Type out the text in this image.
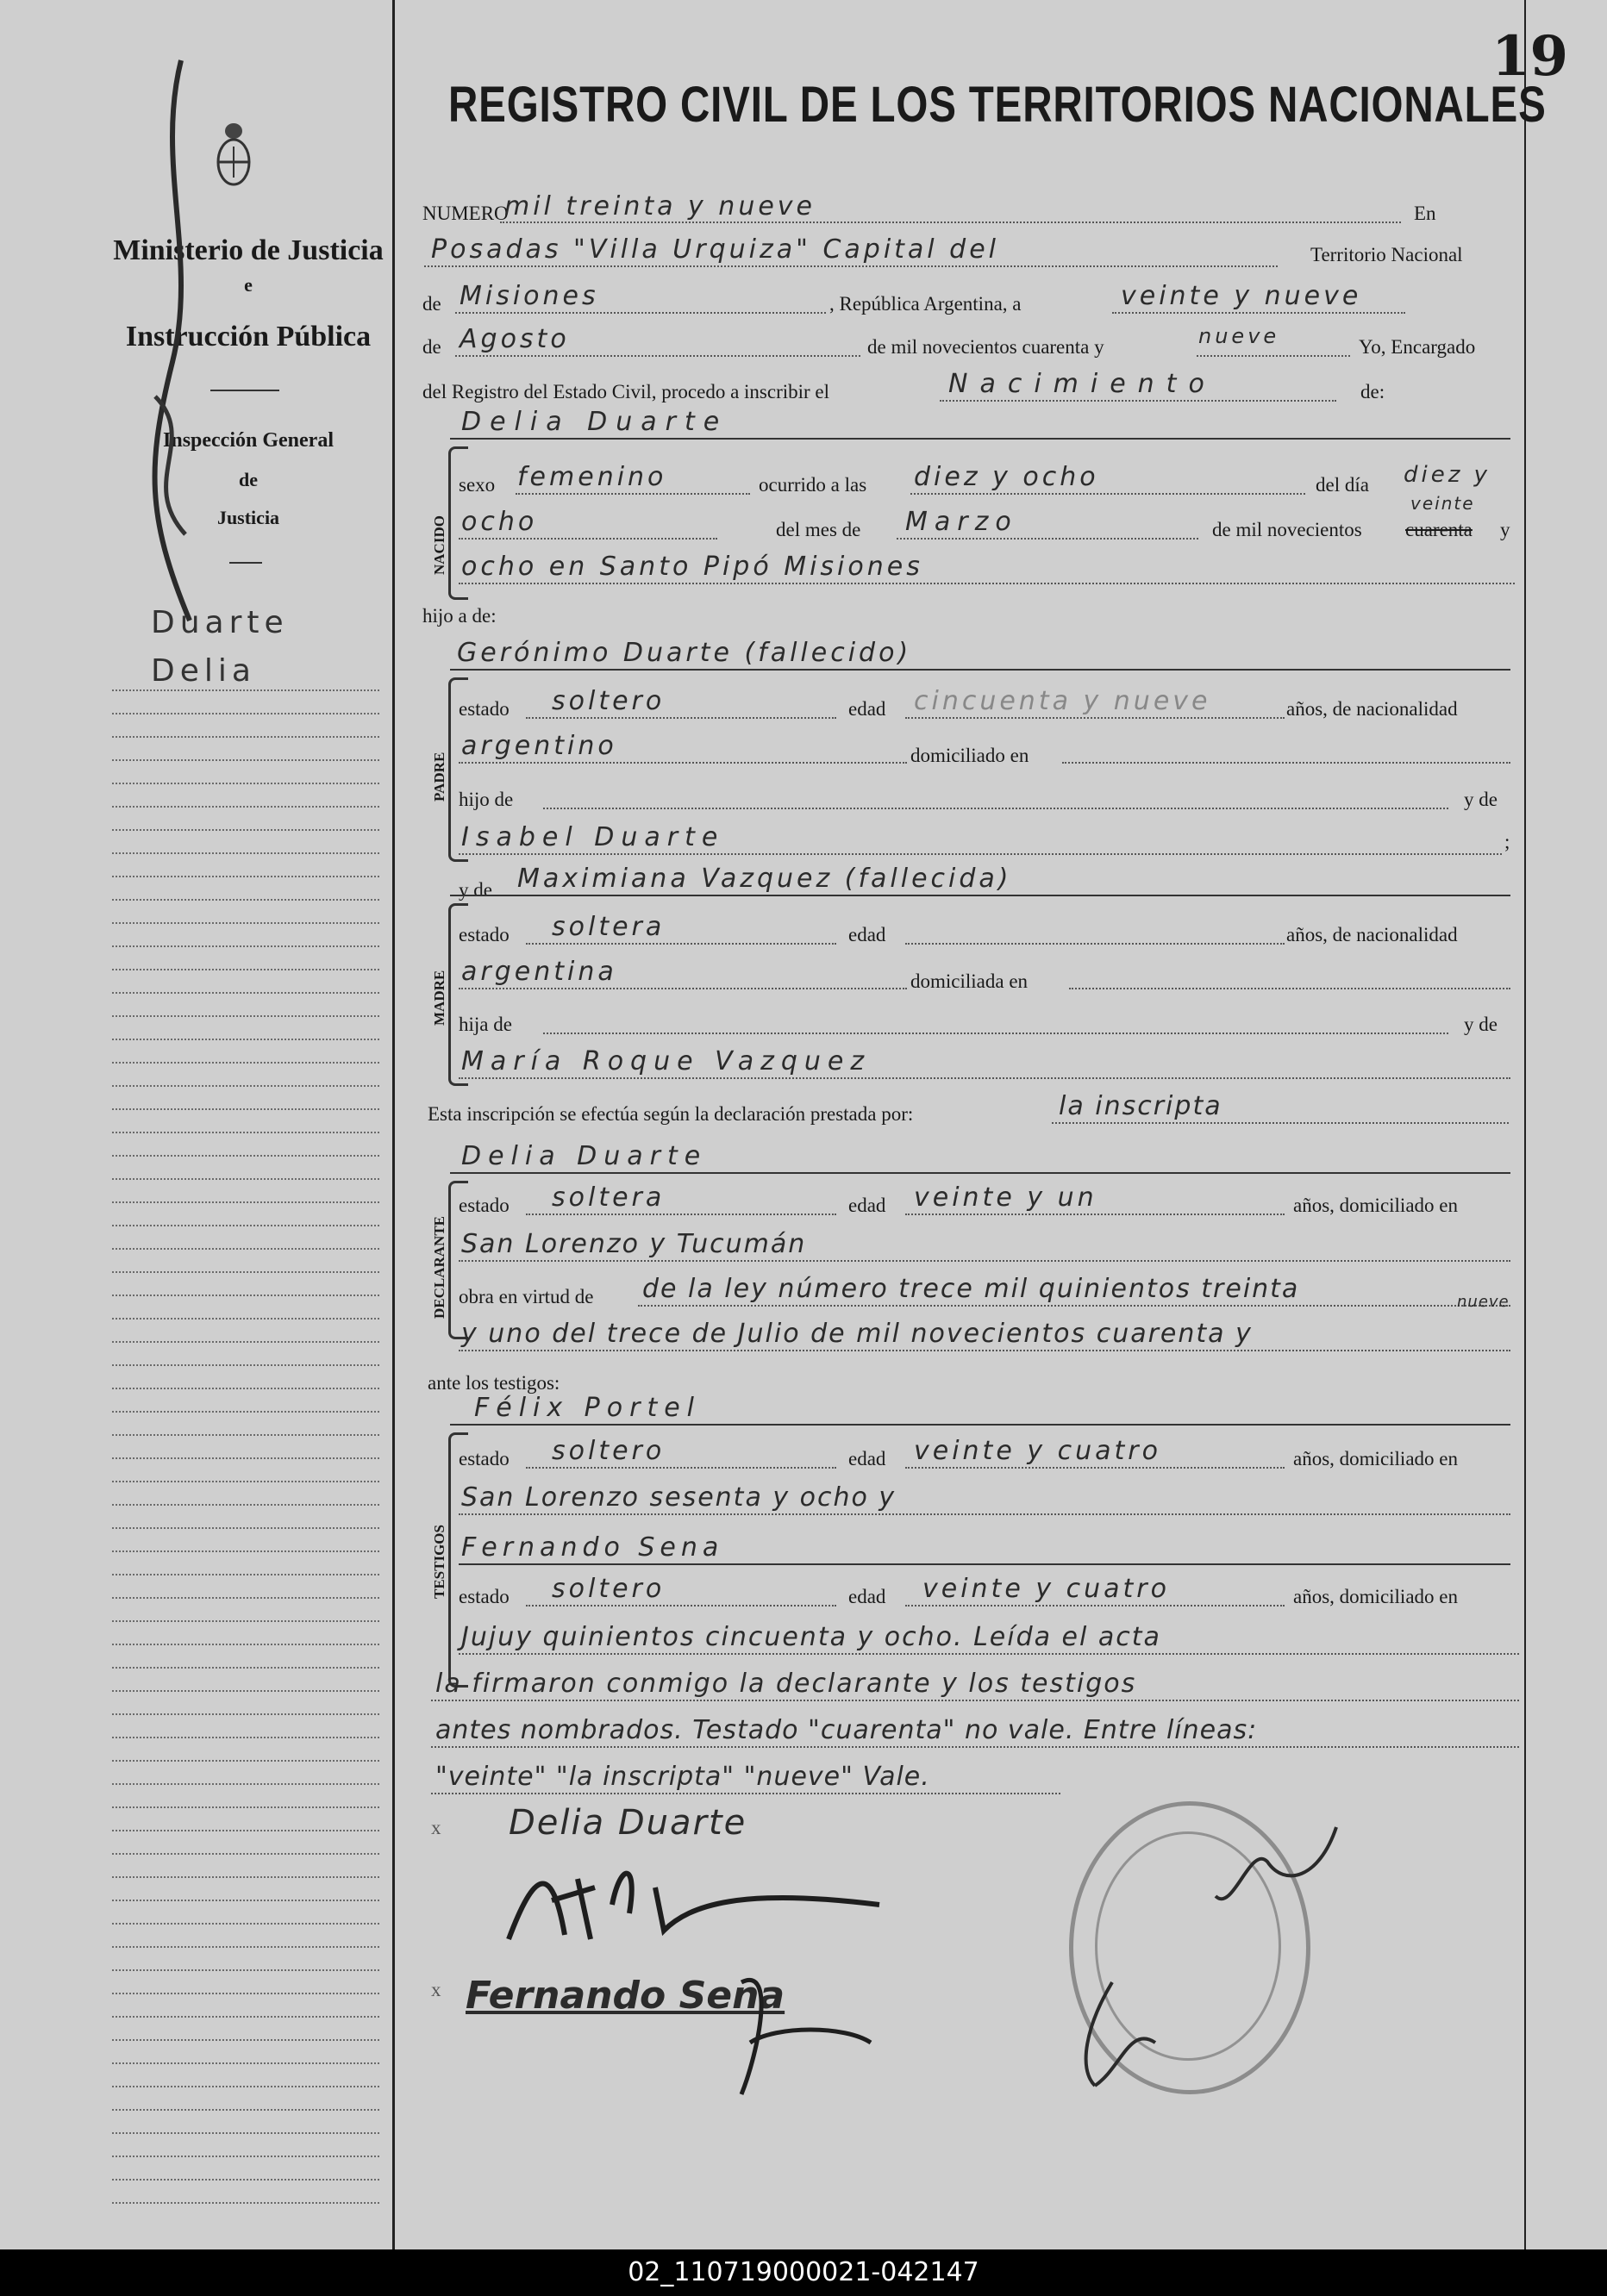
Ministerio de Justicia
e
Instrucción Pública
Inspección General
de
Justicia
Duarte
Delia
19
REGISTRO CIVIL DE LOS TERRITORIOS NACIONALES
NUMERO
mil treinta y nueve	En
Posadas "Villa Urquiza" Capital del	Territorio Nacional
de Misiones	, República Argentina, a	veinte y nueve
de Agosto	de mil novecientos cuarenta y	nueve	Yo, Encargado
del Registro del Estado Civil, procedo a inscribir el	Nacimiento	de:
Delia Duarte
NACIDO
sexo femenino	ocurrido a las diez y ocho	del día diez y
ocho	del mes de Marzo	de mil novecientos cuarenta
veinte
y
ocho en Santo Pipó Misiones
hijo a de:
Gerónimo Duarte (fallecido)
PADRE
estado soltero	edad cincuenta y nueve	años, de nacionalidad
argentino	domiciliado en
hijo de	y de
Isabel Duarte	;
y de Maximiana Vazquez (fallecida)
MADRE
estado soltera	edad	años, de nacionalidad
argentina	domiciliada en
hija de	y de
María Roque Vazquez
Esta inscripción se efectúa según la declaración prestada por:	la inscripta
Delia Duarte
DECLARANTE
estado soltera	edad veinte y un	años, domiciliado en
San Lorenzo y Tucumán
obra en virtud de de la ley número trece mil quinientos treinta	nueve
y uno del trece de Julio de mil novecientos cuarenta y
ante los testigos:
Félix Portel
TESTIGOS
estado soltero	edad veinte y cuatro	años, domiciliado en
San Lorenzo sesenta y ocho y
Fernando Sena
estado soltero	edad veinte y cuatro	años, domiciliado en
Jujuy quinientos cincuenta y ocho. Leída el acta
la firmaron conmigo la declarante y los testigos
antes nombrados. Testado "cuarenta" no vale. Entre líneas:
"veinte" "la inscripta" "nueve" Vale.
x Delia Duarte
x Fernando Sena
02_110719000021-042147
